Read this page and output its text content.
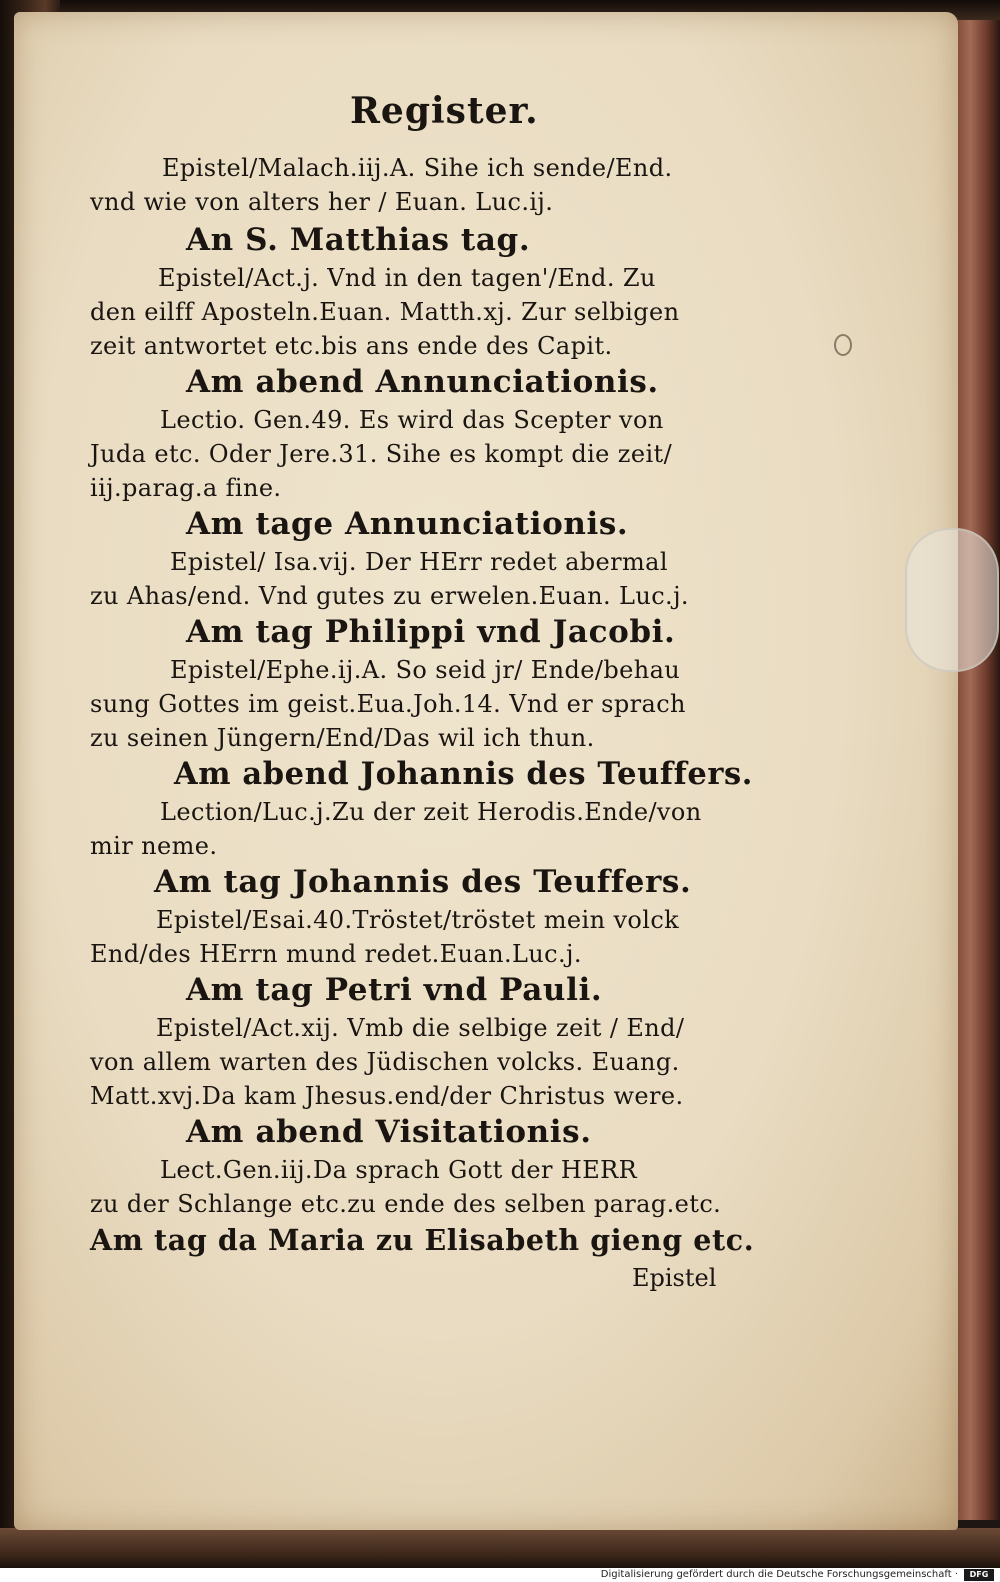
Register.
Epistel/Malach.iij.A. Sihe ich sende/End.
vnd wie von alters her / Euan. Luc.ij.
An S. Matthias tag.
Epistel/Act.j. Vnd in den tagen'/End. Zu
den eilff Aposteln.Euan. Matth.xj. Zur selbigen
zeit antwortet etc.bis ans ende des Capit.
Am abend Annunciationis.
Lectio. Gen.49. Es wird das Scepter von
Juda etc. Oder Jere.31. Sihe es kompt die zeit/
iij.parag.a fine.
Am tage Annunciationis.
Epistel/ Isa.vij. Der HErr redet abermal
zu Ahas/end. Vnd gutes zu erwelen.Euan. Luc.j.
Am tag Philippi vnd Jacobi.
Epistel/Ephe.ij.A. So seid jr/ Ende/behau
sung Gottes im geist.Eua.Joh.14. Vnd er sprach
zu seinen Jüngern/End/Das wil ich thun.
Am abend Johannis des Teuffers.
Lection/Luc.j.Zu der zeit Herodis.Ende/von
mir neme.
Am tag Johannis des Teuffers.
Epistel/Esai.40.Tröstet/tröstet mein volck
End/des HErrn mund redet.Euan.Luc.j.
Am tag Petri vnd Pauli.
Epistel/Act.xij. Vmb die selbige zeit / End/
von allem warten des Jüdischen volcks. Euang.
Matt.xvj.Da kam Jhesus.end/der Christus were.
Am abend Visitationis.
Lect.Gen.iij.Da sprach Gott der HERR
zu der Schlange etc.zu ende des selben parag.etc.
Am tag da Maria zu Elisabeth gieng etc.
Epistel
Digitalisierung gefördert durch die Deutsche Forschungsgemeinschaft ·	DFG
